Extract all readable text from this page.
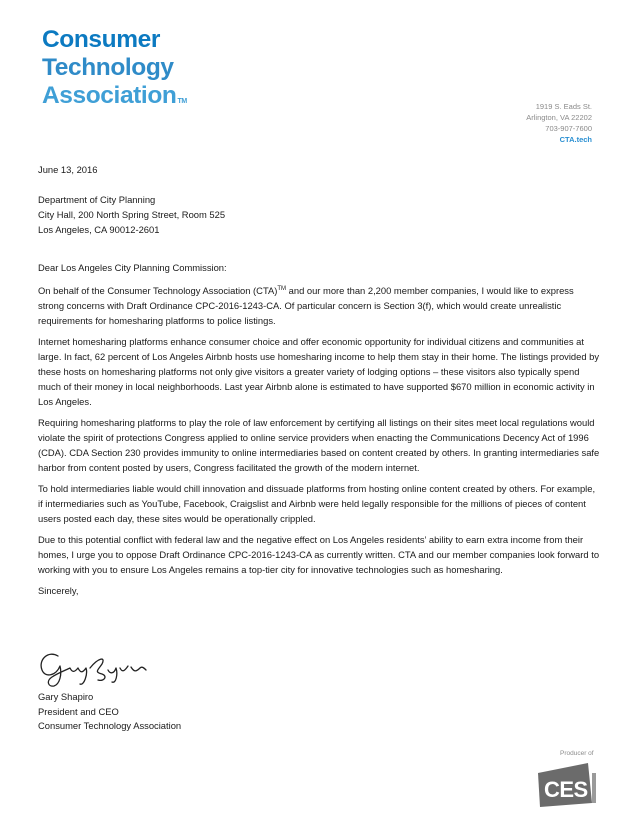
Consumer
Technology
Association™
1919 S. Eads St.
Arlington, VA 22202
703-907-7600
CTA.tech

June 13, 2016

Department of City Planning

City Hall, 200 North Spring Street, Room 525

Los Angeles, CA 90012-2601

Dear Los Angeles City Planning Commission:

On behalf of the Consumer Technology Association (CTA)™ and our more than 2,200 member companies, I would like to express strong concerns with Draft Ordinance CPC-2016-1243-CA. Of particular concern is Section 3(f), which would create unrealistic requirements for homesharing platforms to police listings.

Internet homesharing platforms enhance consumer choice and offer economic opportunity for individual citizens and communities at large. In fact, 62 percent of Los Angeles Airbnb hosts use homesharing income to help them stay in their home. The listings provided by these hosts on homesharing platforms not only give visitors a greater variety of lodging options – these visitors also typically spend much of their money in local neighborhoods. Last year Airbnb alone is estimated to have supported $670 million in economic activity in Los Angeles.

Requiring homesharing platforms to play the role of law enforcement by certifying all listings on their sites meet local regulations would violate the spirit of protections Congress applied to online service providers when enacting the Communications Decency Act of 1996 (CDA). CDA Section 230 provides immunity to online intermediaries based on content created by others. In granting intermediaries safe harbor from content posted by users, Congress facilitated the growth of the modern internet.

To hold intermediaries liable would chill innovation and dissuade platforms from hosting online content created by others. For example, if intermediaries such as YouTube, Facebook, Craigslist and Airbnb were held legally responsible for the millions of pieces of content users posted each day, these sites would be operationally crippled.

Due to this potential conflict with federal law and the negative effect on Los Angeles residents’ ability to earn extra income from their homes, I urge you to oppose Draft Ordinance CPC-2016-1243-CA as currently written. CTA and our member companies look forward to working with you to ensure Los Angeles remains a top-tier city for innovative technologies such as homesharing.

Sincerely,

Gary Shapiro
President and CEO
Consumer Technology Association
Producer of
CES
